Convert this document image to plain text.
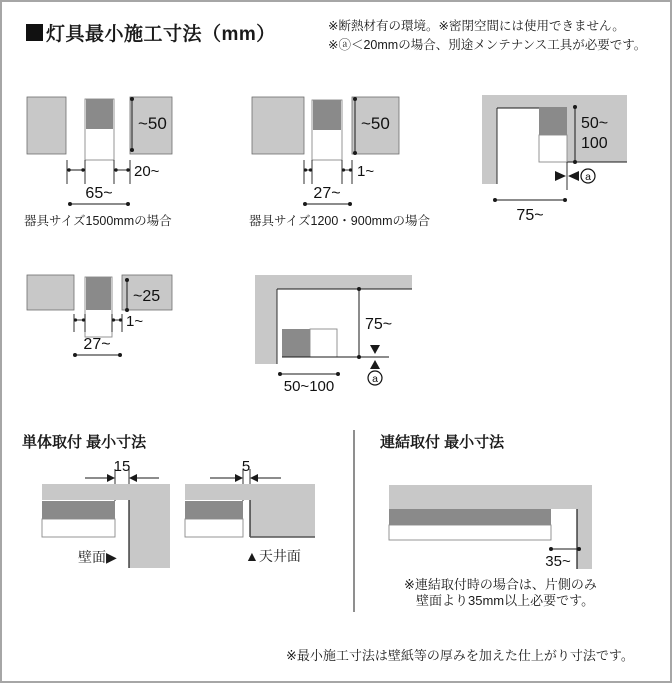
灯具最小施工寸法（mm）	※断熱材有の環境。※密閉空間には使用できません。
※ⓐ＜20mmの場合、別途メンテナンス工具が必要です。
~50
20~
65~
器具サイズ1500mmの場合
~50
1~
27~
器具サイズ1200・900mmの場合
50~
100
a
75~
~25
1~
27~
75~
a
50~100
単体取付 最小寸法
15
壁面▶
5
▲天井面
連結取付 最小寸法
35~
※連結取付時の場合は、片側のみ
壁面より35mm以上必要です。
※最小施工寸法は壁紙等の厚みを加えた仕上がり寸法です。
